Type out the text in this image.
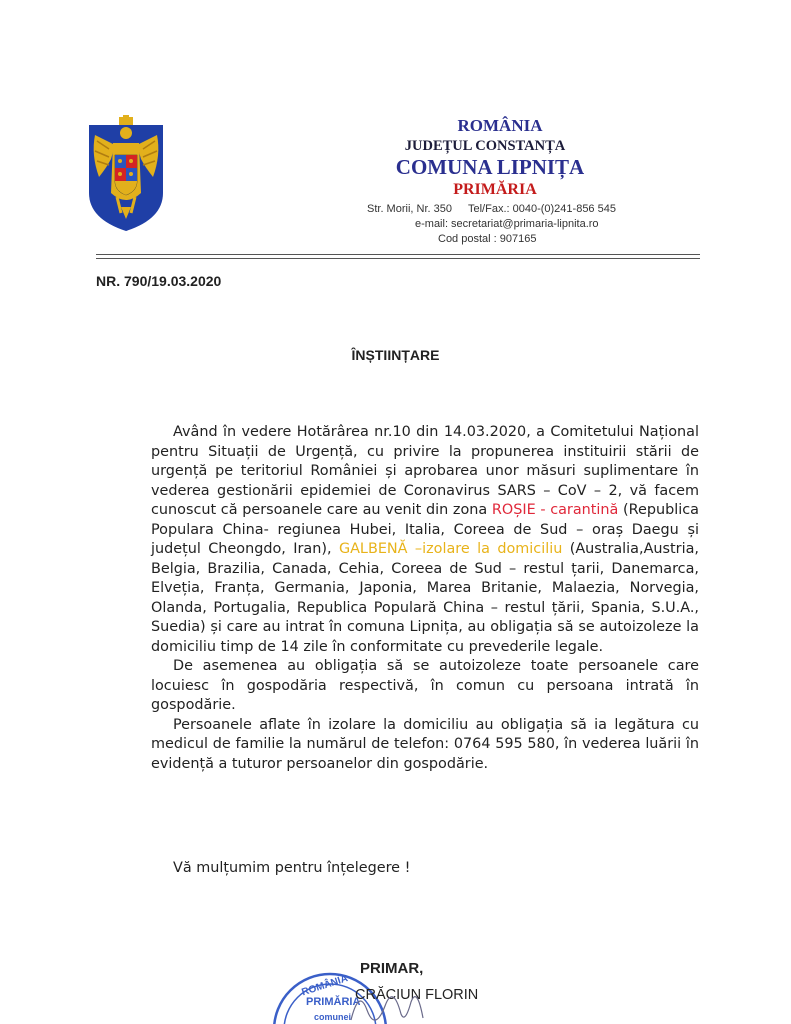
ROMÂNIA
JUDEȚUL CONSTANȚA
COMUNA LIPNIȚA
PRIMĂRIA
Str. Morii, Nr. 350 Tel/Fax.: 0040-(0)241-856 545
e-mail: secretariat@primaria-lipnita.ro
Cod postal : 907165
NR. 790/19.03.2020
ÎNȘTIINȚARE

Având în vedere Hotărârea nr.10 din 14.03.2020, a Comitetului Național pentru Situații de Urgență, cu privire la propunerea instituirii stării de urgență pe teritoriul României și aprobarea unor măsuri suplimentare în vederea gestionării epidemiei de Coronavirus SARS – CoV – 2, vă facem cunoscut că persoanele care au venit din zona ROȘIE - carantină (Republica Populara China- regiunea Hubei, Italia, Coreea de Sud – oraș Daegu și județul Cheongdo, Iran), GALBENĂ –izolare la domiciliu (Australia,Austria, Belgia, Brazilia, Canada, Cehia, Coreea de Sud – restul țarii, Danemarca, Elveția, Franța, Germania, Japonia, Marea Britanie, Malaezia, Norvegia, Olanda, Portugalia, Republica Populară China – restul țării, Spania, S.U.A., Suedia) și care au intrat în comuna Lipnița, au obligația să se autoizoleze la domiciliu timp de 14 zile în conformitate cu prevederile legale.

De asemenea au obligația să se autoizoleze toate persoanele care locuiesc în gospodăria respectivă, în comun cu persoana intrată în gospodărie.

Persoanele aflate în izolare la domiciliu au obligația să ia legătura cu medicul de familie la numărul de telefon: 0764 595 580, în vederea luării în evidență a tuturor persoanelor din gospodărie.

Vă mulțumim pentru înțelegere !
ROMÂNIA
PRIMĂRIA
comunei
PRIMAR,
CRĂCIUN FLORIN
